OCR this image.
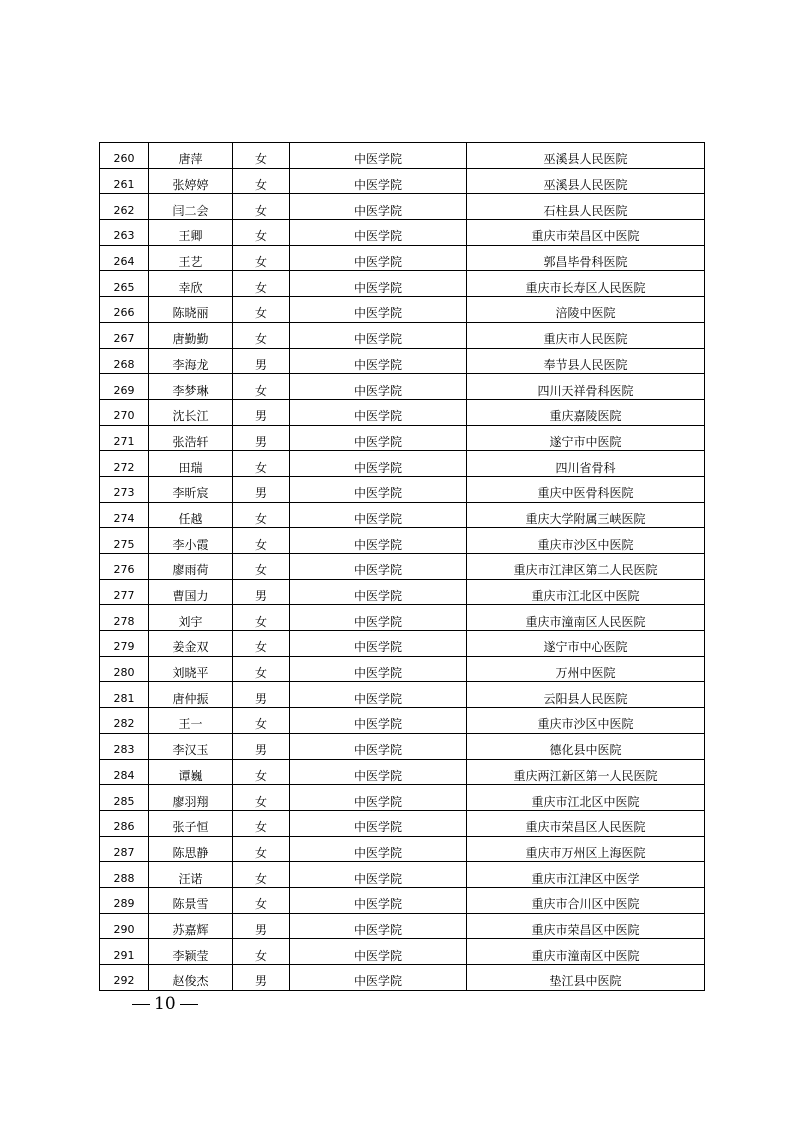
260	唐萍	女	中医学院	巫溪县人民医院
261	张婷婷	女	中医学院	巫溪县人民医院
262	闫二会	女	中医学院	石柱县人民医院
263	王卿	女	中医学院	重庆市荣昌区中医院
264	王艺	女	中医学院	郭昌毕骨科医院
265	幸欣	女	中医学院	重庆市长寿区人民医院
266	陈晓丽	女	中医学院	涪陵中医院
267	唐勤勤	女	中医学院	重庆市人民医院
268	李海龙	男	中医学院	奉节县人民医院
269	李梦琳	女	中医学院	四川天祥骨科医院
270	沈长江	男	中医学院	重庆嘉陵医院
271	张浩轩	男	中医学院	遂宁市中医院
272	田瑞	女	中医学院	四川省骨科
273	李昕宸	男	中医学院	重庆中医骨科医院
274	任越	女	中医学院	重庆大学附属三峡医院
275	李小霞	女	中医学院	重庆市沙区中医院
276	廖雨荷	女	中医学院	重庆市江津区第二人民医院
277	曹国力	男	中医学院	重庆市江北区中医院
278	刘宇	女	中医学院	重庆市潼南区人民医院
279	姜金双	女	中医学院	遂宁市中心医院
280	刘晓平	女	中医学院	万州中医院
281	唐仲振	男	中医学院	云阳县人民医院
282	王一	女	中医学院	重庆市沙区中医院
283	李汉玉	男	中医学院	德化县中医院
284	谭巍	女	中医学院	重庆两江新区第一人民医院
285	廖羽翔	女	中医学院	重庆市江北区中医院
286	张子恒	女	中医学院	重庆市荣昌区人民医院
287	陈思静	女	中医学院	重庆市万州区上海医院
288	汪诺	女	中医学院	重庆市江津区中医学
289	陈景雪	女	中医学院	重庆市合川区中医院
290	苏嘉辉	男	中医学院	重庆市荣昌区中医院
291	李颖莹	女	中医学院	重庆市潼南区中医院
292	赵俊杰	男	中医学院	垫江县中医院
10
